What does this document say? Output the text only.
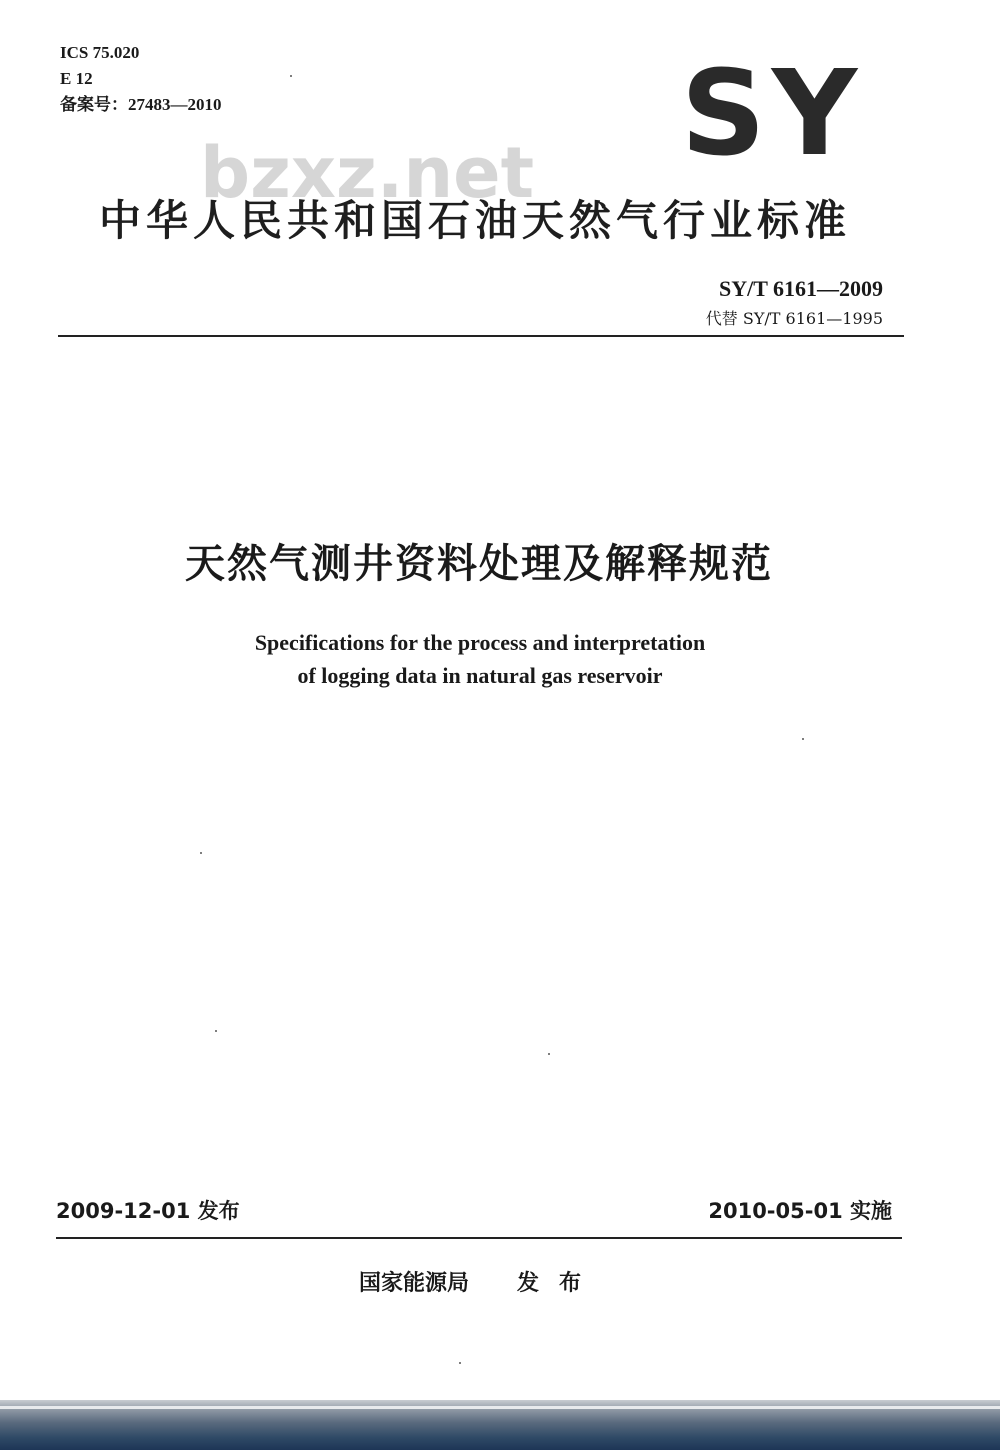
ICS 75.020
E 12
备案号：27483—2010	SY
bzxz.net
中华人民共和国石油天然气行业标准
SY/T 6161—2009
代替 SY/T 6161—1995
天然气测井资料处理及解释规范
Specifications for the process and interpretation
of logging data in natural gas reservoir
2009-12-01 发布	2010-05-01 实施
国家能源局 发布
